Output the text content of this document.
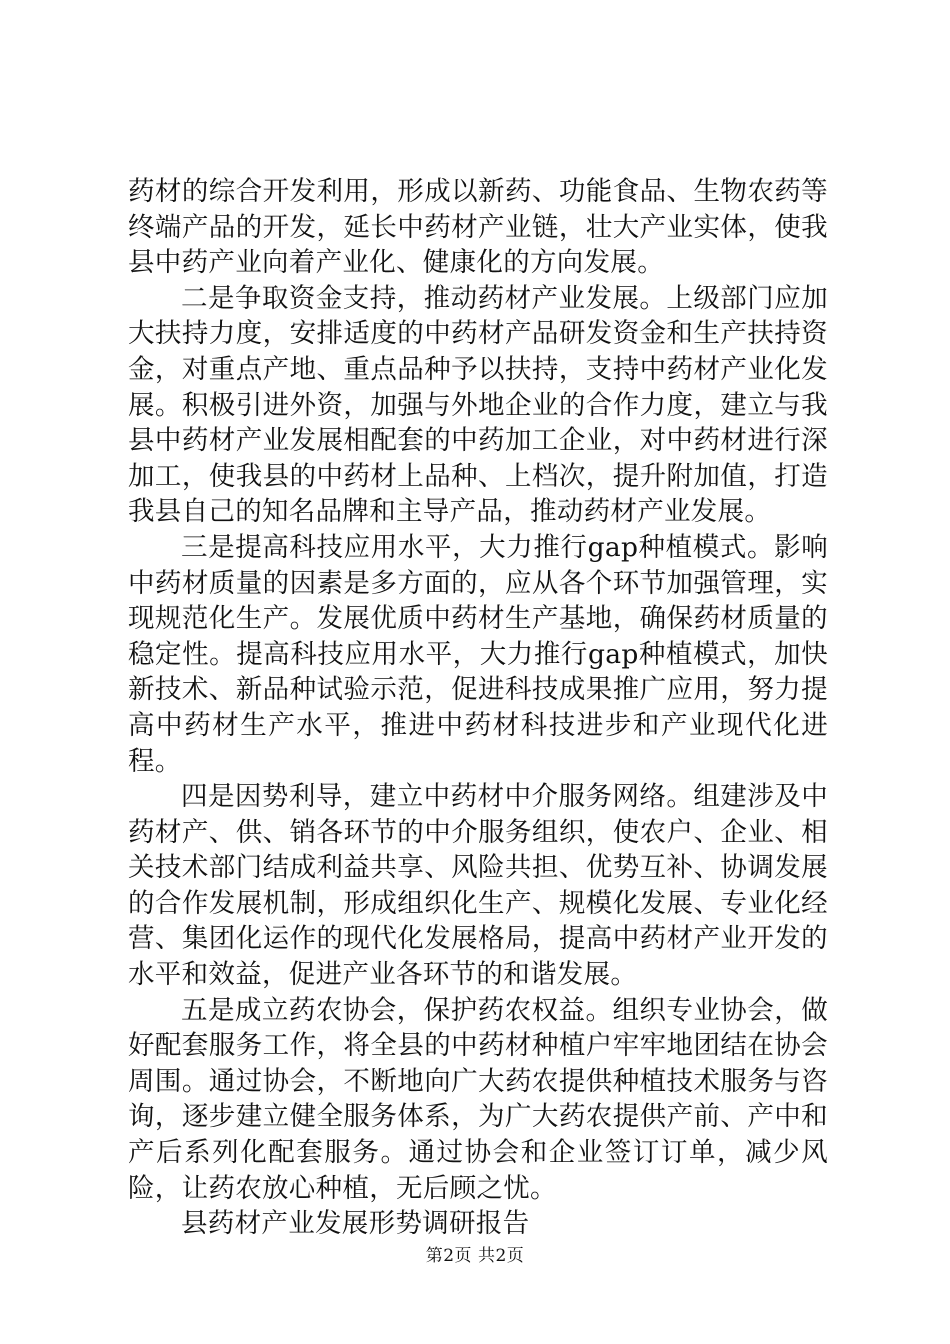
药材的综合开发利用，形成以新药、功能食品、生物农药等终端产品的开发，延长中药材产业链，壮大产业实体，使我县中药产业向着产业化、健康化的方向发展。

二是争取资金支持，推动药材产业发展。上级部门应加大扶持力度，安排适度的中药材产品研发资金和生产扶持资金，对重点产地、重点品种予以扶持，支持中药材产业化发展。积极引进外资，加强与外地企业的合作力度，建立与我县中药材产业发展相配套的中药加工企业，对中药材进行深加工，使我县的中药材上品种、上档次，提升附加值，打造我县自己的知名品牌和主导产品，推动药材产业发展。

三是提高科技应用水平，大力推行gap种植模式。影响中药材质量的因素是多方面的，应从各个环节加强管理，实现规范化生产。发展优质中药材生产基地，确保药材质量的稳定性。提高科技应用水平，大力推行gap种植模式，加快新技术、新品种试验示范，促进科技成果推广应用，努力提高中药材生产水平，推进中药材科技进步和产业现代化进程。

四是因势利导，建立中药材中介服务网络。组建涉及中药材产、供、销各环节的中介服务组织，使农户、企业、相关技术部门结成利益共享、风险共担、优势互补、协调发展的合作发展机制，形成组织化生产、规模化发展、专业化经营、集团化运作的现代化发展格局，提高中药材产业开发的水平和效益，促进产业各环节的和谐发展。

五是成立药农协会，保护药农权益。组织专业协会，做好配套服务工作，将全县的中药材种植户牢牢地团结在协会周围。通过协会，不断地向广大药农提供种植技术服务与咨询，逐步建立健全服务体系，为广大药农提供产前、产中和产后系列化配套服务。通过协会和企业签订订单，减少风险，让药农放心种植，无后顾之忧。

县药材产业发展形势调研报告

第2页 共2页
